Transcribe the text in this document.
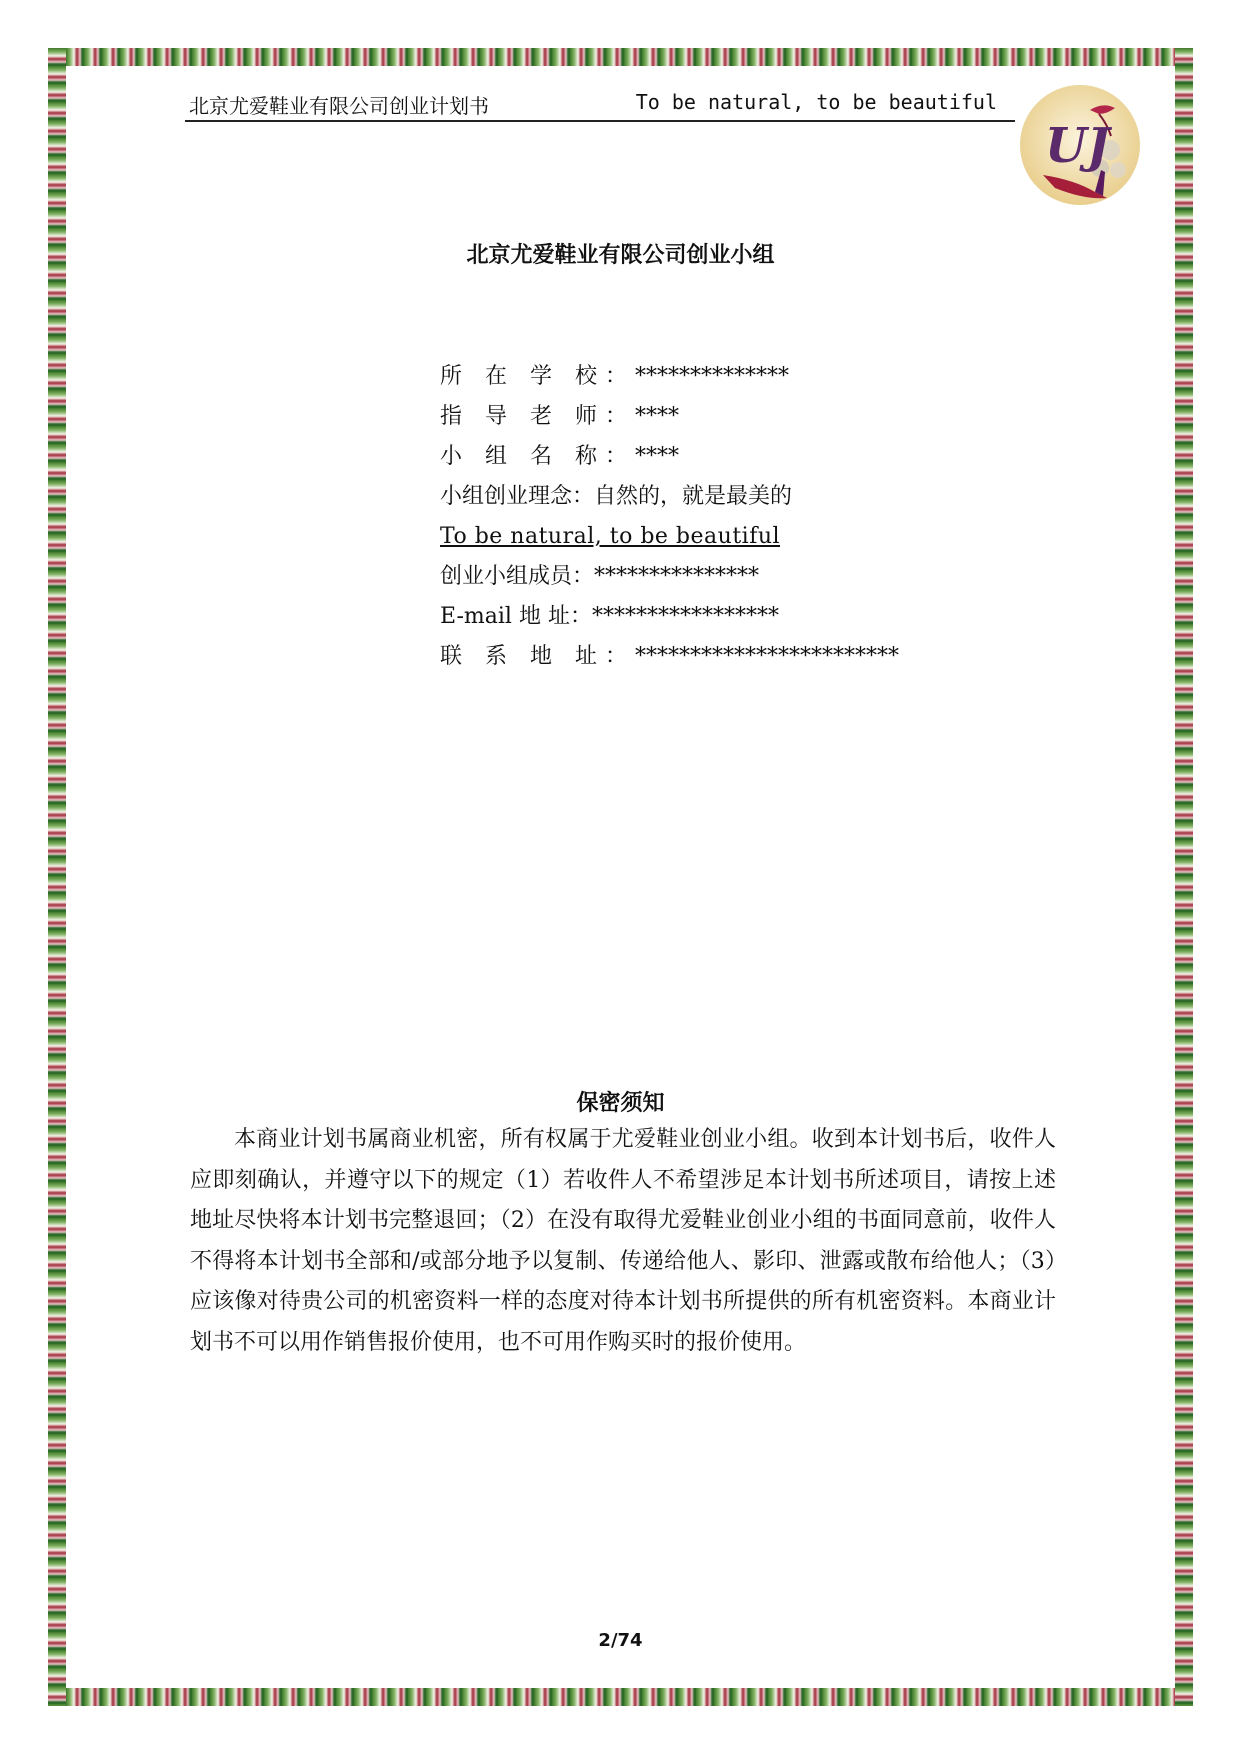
北京尤爱鞋业有限公司创业计划书	To be natural, to be beautiful
UJ
北京尤爱鞋业有限公司创业小组
所 在 学 校：**************
指 导 老 师：****
小 组 名 称：****
小组创业理念：自然的，就是最美的
To be natural, to be beautiful
创业小组成员：***************
E-mail 地 址：*****************
联 系 地 址：************************
保密须知
本商业计划书属商业机密，所有权属于尤爱鞋业创业小组。收到本计划书后，收件人应即刻确认，并遵守以下的规定（1）若收件人不希望涉足本计划书所述项目，请按上述地址尽快将本计划书完整退回；（2）在没有取得尤爱鞋业创业小组的书面同意前，收件人不得将本计划书全部和/或部分地予以复制、传递给他人、影印、泄露或散布给他人；（3）应该像对待贵公司的机密资料一样的态度对待本计划书所提供的所有机密资料。本商业计划书不可以用作销售报价使用，也不可用作购买时的报价使用。
2/74
